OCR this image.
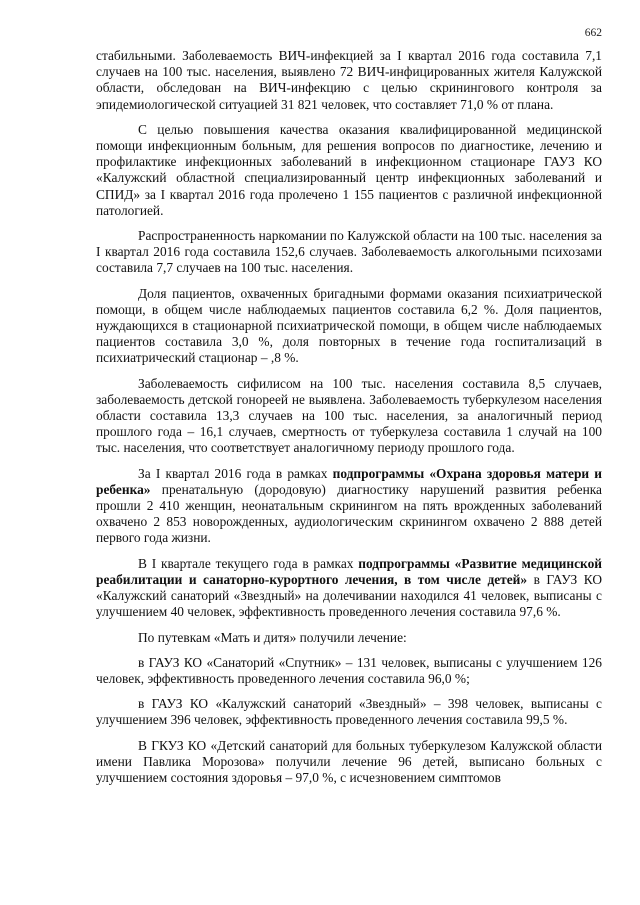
662

стабильными. Заболеваемость ВИЧ-инфекцией за I квартал 2016 года составила 7,1 случаев на 100 тыс. населения, выявлено 72 ВИЧ-инфицированных жителя Калужской области, обследован на ВИЧ-инфекцию с целью скринингового контроля за эпидемиологической ситуацией 31 821 человек, что составляет 71,0 % от плана.

С целью повышения качества оказания квалифицированной медицинской помощи инфекционным больным, для решения вопросов по диагностике, лечению и профилактике инфекционных заболеваний в инфекционном стационаре ГАУЗ КО «Калужский областной специализированный центр инфекционных заболеваний и СПИД» за I квартал 2016 года пролечено 1 155 пациентов с различной инфекционной патологией.

Распространенность наркомании по Калужской области на 100 тыс. населения за I квартал 2016 года составила 152,6 случаев. Заболеваемость алкогольными психозами составила 7,7 случаев на 100 тыс. населения.

Доля пациентов, охваченных бригадными формами оказания психиатрической помощи, в общем числе наблюдаемых пациентов составила 6,2 %. Доля пациентов, нуждающихся в стационарной психиатрической помощи, в общем числе наблюдаемых пациентов составила 3,0 %, доля повторных в течение года госпитализаций в психиатрический стационар – ,8 %.

Заболеваемость сифилисом на 100 тыс. населения составила 8,5 случаев, заболеваемость детской гонореей не выявлена. Заболеваемость туберкулезом населения области составила 13,3 случаев на 100 тыс. населения, за аналогичный период прошлого года – 16,1 случаев, смертность от туберкулеза составила 1 случай на 100 тыс. населения, что соответствует аналогичному периоду прошлого года.

За I квартал 2016 года в рамках подпрограммы «Охрана здоровья матери и ребенка» пренатальную (дородовую) диагностику нарушений развития ребенка прошли 2 410 женщин, неонатальным скринингом на пять врожденных заболеваний охвачено 2 853 новорожденных, аудиологическим скринингом охвачено 2 888 детей первого года жизни.

В I квартале текущего года в рамках подпрограммы «Развитие медицинской реабилитации и санаторно-курортного лечения, в том числе детей» в ГАУЗ КО «Калужский санаторий «Звездный» на долечивании находился 41 человек, выписаны с улучшением 40 человек, эффективность проведенного лечения составила 97,6 %.

По путевкам «Мать и дитя» получили лечение:

в ГАУЗ КО «Санаторий «Спутник» – 131 человек, выписаны с улучшением 126 человек, эффективность проведенного лечения составила 96,0 %;

в ГАУЗ КО «Калужский санаторий «Звездный» – 398 человек, выписаны с улучшением 396 человек, эффективность проведенного лечения составила 99,5 %.

В ГКУЗ КО «Детский санаторий для больных туберкулезом Калужской области имени Павлика Морозова» получили лечение 96 детей, выписано больных с улучшением состояния здоровья – 97,0 %, с исчезновением симптомов
